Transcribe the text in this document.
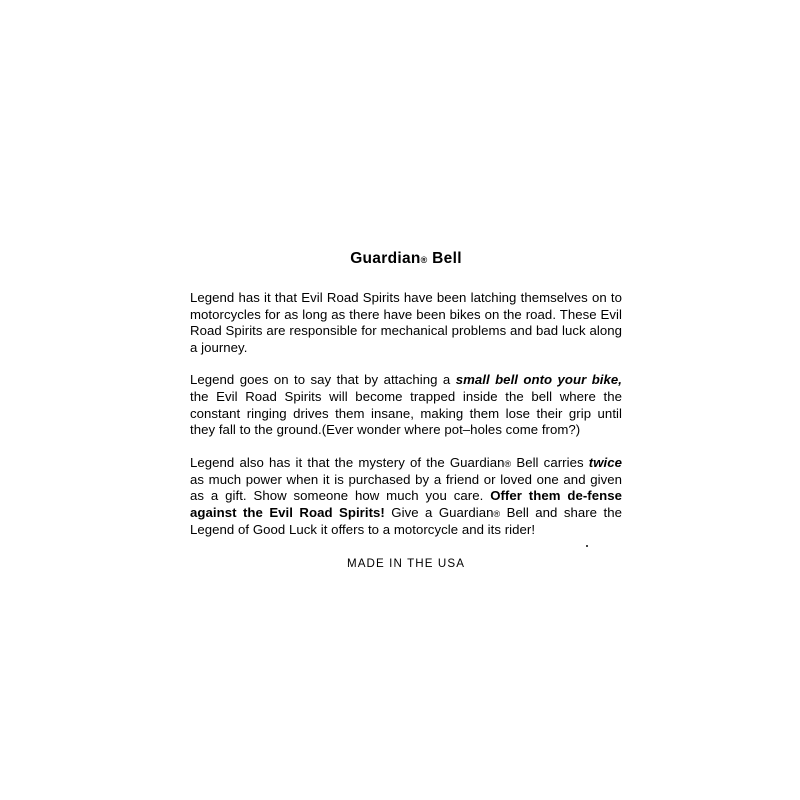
Guardian® Bell

Legend has it that Evil Road Spirits have been latching themselves on to motorcycles for as long as there have been bikes on the road. These Evil Road Spirits are responsible for mechanical problems and bad luck along a journey.

Legend goes on to say that by attaching a small bell onto your bike, the Evil Road Spirits will become trapped inside the bell where the constant ringing drives them insane, making them lose their grip until they fall to the ground.(Ever wonder where pot–holes come from?)

Legend also has it that the mystery of the Guardian® Bell carries twice as much power when it is purchased by a friend or loved one and given as a gift. Show someone how much you care. Offer them de-fense against the Evil Road Spirits! Give a Guardian® Bell and share the Legend of Good Luck it offers to a motorcycle and its rider!

MADE IN THE USA
